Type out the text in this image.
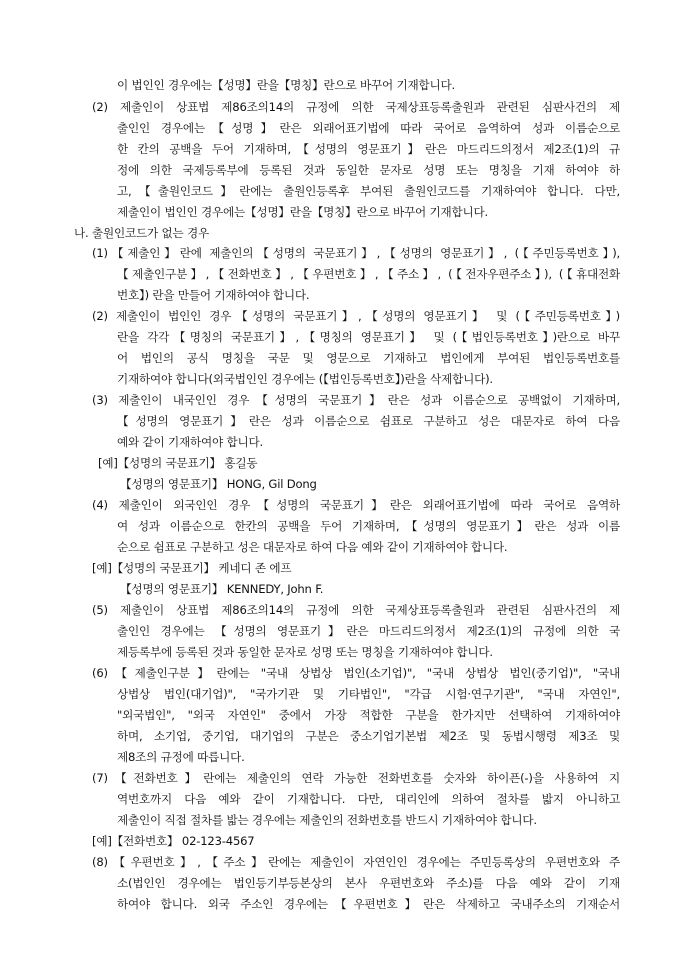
이 법인인 경우에는【성명】란을【명칭】란으로 바꾸어 기재합니다.
(2) 제출인이 상표법 제86조의14의 규정에 의한 국제상표등록출원과 관련된 심판사건의 제
출인인 경우에는【성명】란은 외래어표기법에 따라 국어로 음역하여 성과 이름순으로
한 칸의 공백을 두어 기재하며,【성명의 영문표기】란은 마드리드의정서 제2조(1)의 규
정에 의한 국제등록부에 등록된 것과 동일한 문자로 성명 또는 명칭을 기재 하여야 하
고,【출원인코드】란에는 출원인등록후 부여된 출원인코드를 기재하여야 합니다. 다만,
제출인이 법인인 경우에는【성명】란을【명칭】란으로 바꾸어 기재합니다.
나. 출원인코드가 없는 경우
(1)【제출인】란에 제출인의【성명의 국문표기】,【성명의 영문표기】, (【주민등록번호】),
【제출인구분】,【전화번호】,【우편번호】,【주소】, (【전자우편주소】), (【휴대전화
번호】) 란을 만들어 기재하여야 합니다.
(2) 제출인이 법인인 경우【성명의 국문표기】,【성명의 영문표기】 및 (【주민등록번호】)
란을 각각【명칭의 국문표기】,【명칭의 영문표기】 및 (【법인등록번호】)란으로 바꾸
어 법인의 공식 명칭을 국문 및 영문으로 기재하고 법인에게 부여된 법인등록번호를
기재하여야 합니다(외국법인인 경우에는 (【법인등록번호】)란을 삭제합니다).
(3) 제출인이 내국인인 경우【성명의 국문표기】란은 성과 이름순으로 공백없이 기재하며,
【성명의 영문표기】란은 성과 이름순으로 쉼표로 구분하고 성은 대문자로 하여 다음
예와 같이 기재하여야 합니다.
[예]【성명의 국문표기】 홍길동
【성명의 영문표기】 HONG, Gil Dong
(4) 제출인이 외국인인 경우【성명의 국문표기】란은 외래어표기법에 따라 국어로 음역하
여 성과 이름순으로 한칸의 공백을 두어 기재하며,【성명의 영문표기】란은 성과 이름
순으로 쉼표로 구분하고 성은 대문자로 하여 다음 예와 같이 기재하여야 합니다.
[예]【성명의 국문표기】 케네디 존 에프
【성명의 영문표기】 KENNEDY, John F.
(5) 제출인이 상표법 제86조의14의 규정에 의한 국제상표등록출원과 관련된 심판사건의 제
출인인 경우에는 【성명의 영문표기】란은 마드리드의정서 제2조(1)의 규정에 의한 국
제등록부에 등록된 것과 동일한 문자로 성명 또는 명칭을 기재하여야 합니다.
(6)【제출인구분】란에는 "국내 상법상 법인(소기업)", "국내 상법상 법인(중기업)", "국내
상법상 법인(대기업)", "국가기관 및 기타법인", "각급 시험·연구기관", "국내 자연인",
"외국법인", "외국 자연인" 중에서 가장 적합한 구분을 한가지만 선택하여 기재하여야
하며, 소기업, 중기업, 대기업의 구분은 중소기업기본법 제2조 및 동법시행령 제3조 및
제8조의 규정에 따릅니다.
(7)【전화번호】란에는 제출인의 연락 가능한 전화번호를 숫자와 하이픈(-)을 사용하여 지
역번호까지 다음 예와 같이 기재합니다. 다만, 대리인에 의하여 절차를 밟지 아니하고
제출인이 직접 절차를 밟는 경우에는 제출인의 전화번호를 반드시 기재하여야 합니다.
[예]【전화번호】 02-123-4567
(8)【우편번호】,【주소】란에는 제출인이 자연인인 경우에는 주민등록상의 우편번호와 주
소(법인인 경우에는 법인등기부등본상의 본사 우편번호와 주소)를 다음 예와 같이 기재
하여야 합니다. 외국 주소인 경우에는【우편번호】란은 삭제하고 국내주소의 기재순서
